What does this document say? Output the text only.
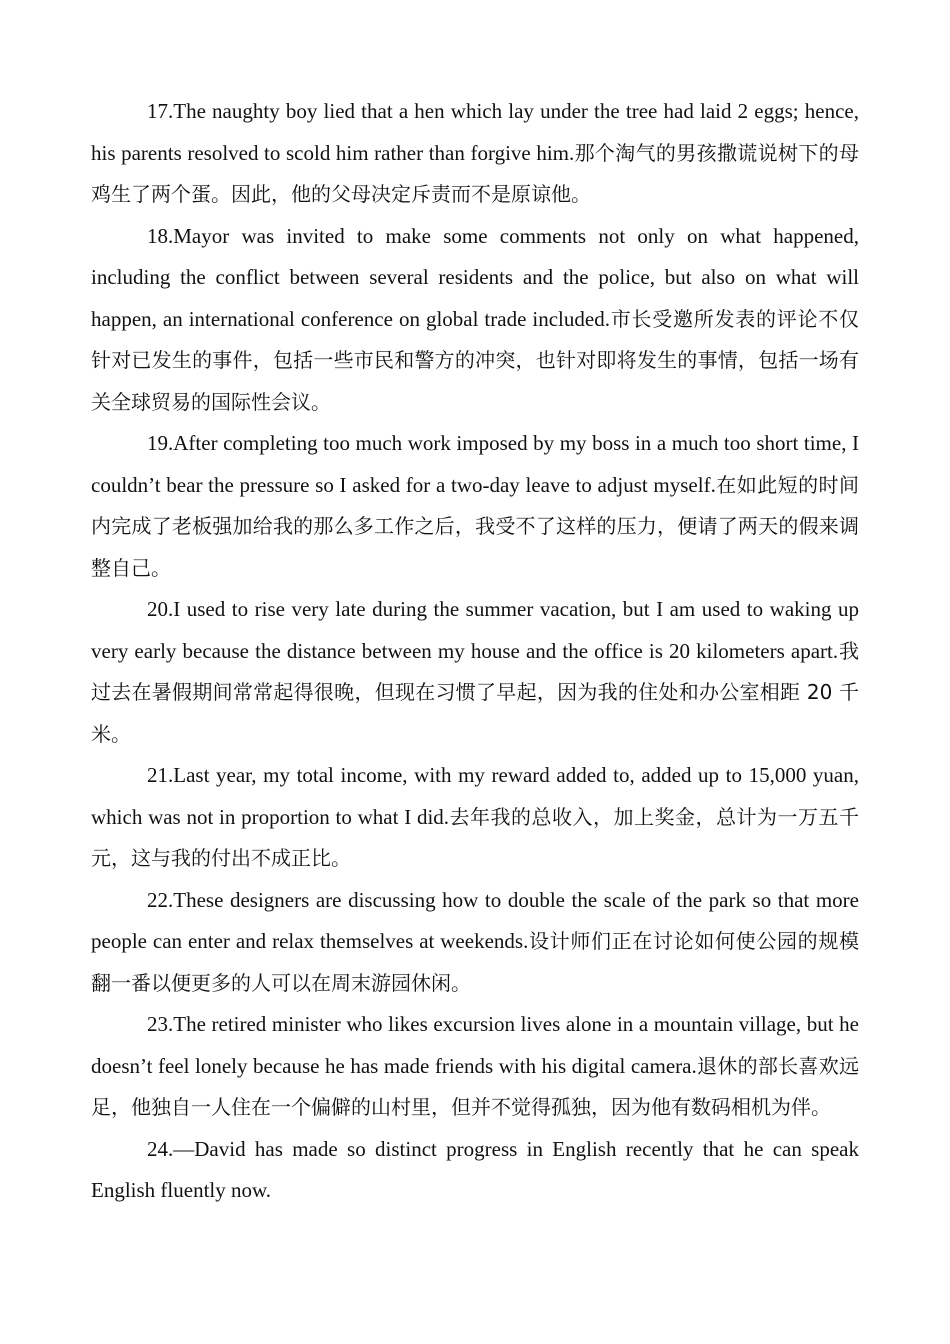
17.The naughty boy lied that a hen which lay under the tree had laid 2 eggs; hence, his parents resolved to scold him rather than forgive him.那个淘气的男孩撒谎说树下的母鸡生了两个蛋。因此，他的父母决定斥责而不是原谅他。

18.Mayor was invited to make some comments not only on what happened, including the conflict between several residents and the police, but also on what will happen, an international conference on global trade included.市长受邀所发表的评论不仅针对已发生的事件，包括一些市民和警方的冲突，也针对即将发生的事情，包括一场有关全球贸易的国际性会议。

19.After completing too much work imposed by my boss in a much too short time, I couldn’t bear the pressure so I asked for a two-day leave to adjust myself.在如此短的时间内完成了老板强加给我的那么多工作之后，我受不了这样的压力，便请了两天的假来调整自己。

20.I used to rise very late during the summer vacation, but I am used to waking up very early because the distance between my house and the office is 20 kilometers apart.我过去在暑假期间常常起得很晚，但现在习惯了早起，因为我的住处和办公室相距 20 千米。

21.Last year, my total income, with my reward added to, added up to 15,000 yuan, which was not in proportion to what I did.去年我的总收入，加上奖金，总计为一万五千元，这与我的付出不成正比。

22.These designers are discussing how to double the scale of the park so that more people can enter and relax themselves at weekends.设计师们正在讨论如何使公园的规模翻一番以便更多的人可以在周末游园休闲。

23.The retired minister who likes excursion lives alone in a mountain village, but he doesn’t feel lonely because he has made friends with his digital camera.退休的部长喜欢远足，他独自一人住在一个偏僻的山村里，但并不觉得孤独，因为他有数码相机为伴。

24.—David has made so distinct progress in English recently that he can speak English fluently now.
